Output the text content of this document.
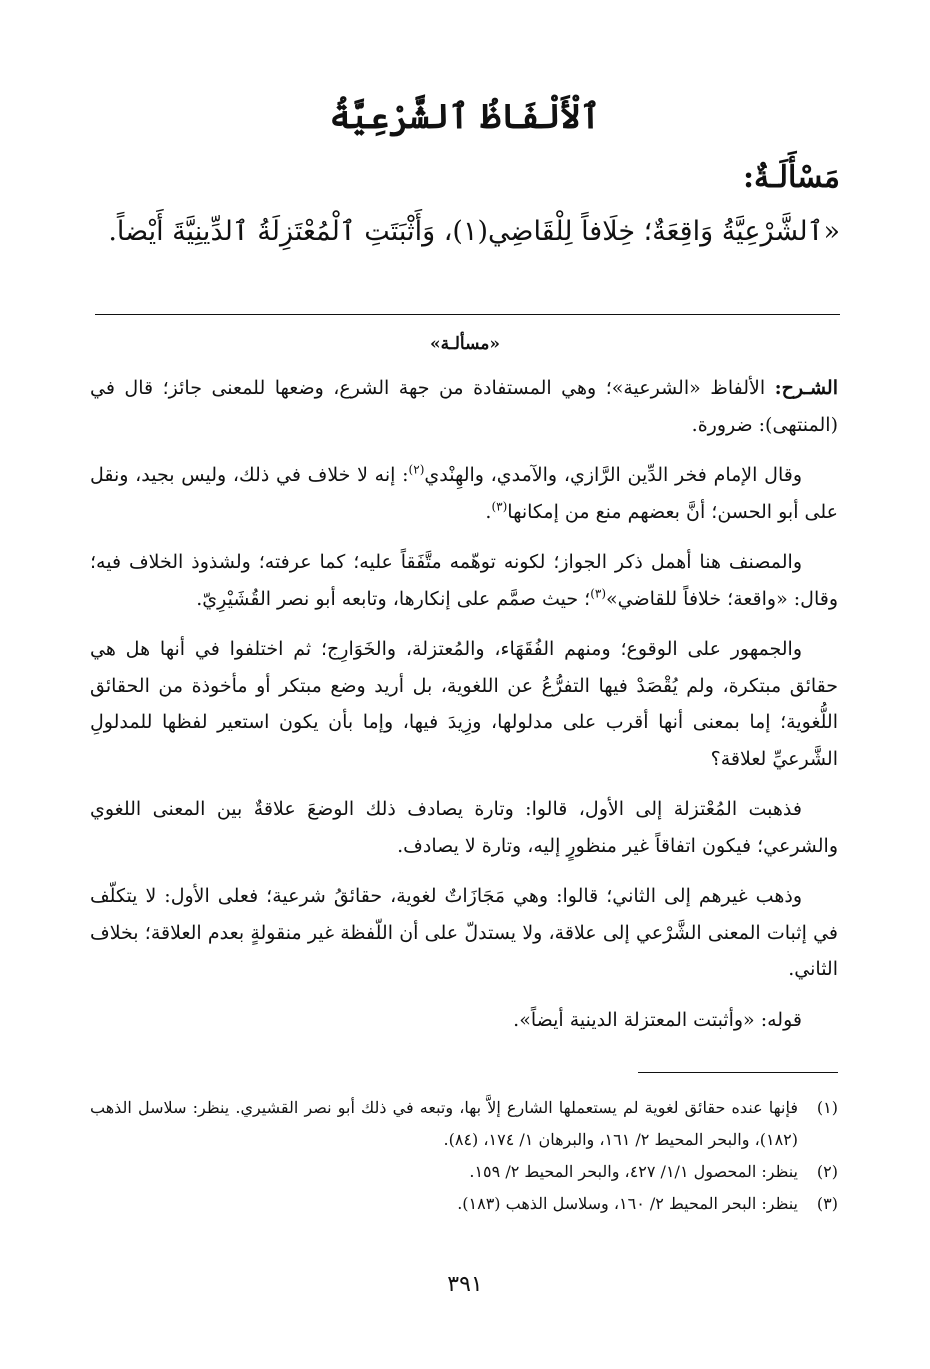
ٱلْأَلْفَاظُ ٱلشَّرْعِيَّةُ
مَسْأَلَـةٌ:

«ٱلشَّرْعِيَّةُ وَاقِعَةٌ؛ خِلَافاً لِلْقَاضِي(١)، وَأَثْبَتَتِ ٱلْمُعْتَزِلَةُ ٱلدِّينِيَّةَ أَيْضاً.

«مسألـة»

الشـرح: الألفاظ «الشرعية»؛ وهي المستفادة من جهة الشرع، وضعها للمعنى جائز؛ قال في (المنتهى): ضرورة.

وقال الإمام فخر الدِّين الرَّازي، والآمدي، والهِنْدي$^{(٢)}$: إنه لا خلاف في ذلك، وليس بجيد، ونقل على أبو الحسن؛ أنَّ بعضهم منع من إمكانها$^{(٣)}$.

والمصنف هنا أهمل ذكر الجواز؛ لكونه توهّمه متَّفَقاً عليه؛ كما عرفته؛ ولشذوذ الخلاف فيه؛ وقال: «واقعة؛ خلافاً للقاضي»$^{(٣)}$؛ حيث صمَّم على إنكارها، وتابعه أبو نصر القُشَيْرِيّ.

والجمهور على الوقوع؛ ومنهم الفُقَهَاء، والمُعتزلة، والخَوَارِج؛ ثم اختلفوا في أنها هل هي حقائق مبتكرة، ولم يُقْصَدْ فيها التفرُّعُ عن اللغوية، بل أريد وضع مبتكر أو مأخوذة من الحقائق اللُّغوية؛ إما بمعنى أنها أقرب على مدلولها، وزِيدَ فيها، وإما بأن يكون استعير لفظها للمدلولِ الشَّرعيِّ لعلاقة؟

فذهبت المُعْتزلة إلى الأول، قالوا: وتارة يصادف ذلك الوضعَ علاقةٌ بين المعنى اللغوي والشرعي؛ فيكون اتفاقاً غير منظورٍ إليه، وتارة لا يصادف.

وذهب غيرهم إلى الثاني؛ قالوا: وهي مَجَازَاتٌ لغوية، حقائقُ شرعية؛ فعلى الأول: لا يتكلّف في إثبات المعنى الشَّرْعي إلى علاقة، ولا يستدلّ على أن اللّفظة غير منقولةٍ بعدم العلاقة؛ بخلاف الثاني.

قوله: «وأثبتت المعتزلة الدينية أيضاً».

(١)
فإنها عنده حقائق لغوية لم يستعملها الشارع إلاَّ بها، وتبعه في ذلك أبو نصر القشيري. ينظر: سلاسل الذهب (١٨٢)، والبحر المحيط ٢/ ١٦١، والبرهان ١/ ١٧٤، (٨٤).
(٢)
ينظر: المحصول ١/١/ ٤٢٧، والبحر المحيط ٢/ ١٥٩.
(٣)
ينظر: البحر المحيط ٢/ ١٦٠، وسلاسل الذهب (١٨٣).

٣٩١
